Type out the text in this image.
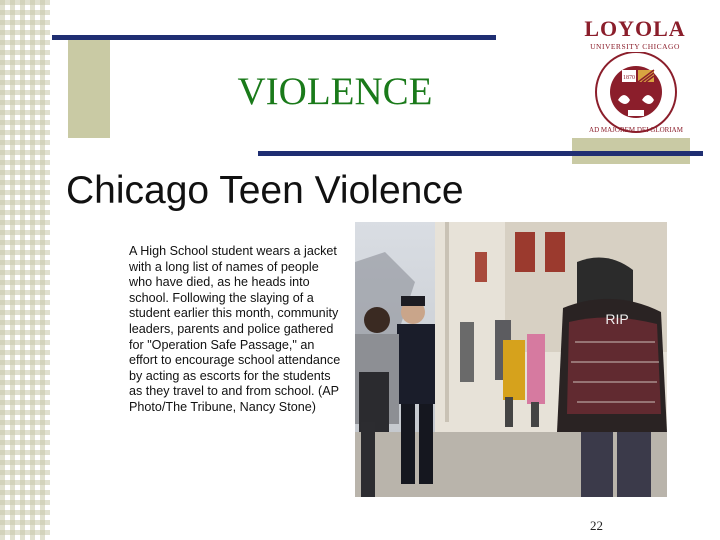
VIOLENCE
Chicago Teen Violence
LOYOLA
UNIVERSITY CHICAGO
1870
AD MAJOREM DEI GLORIAM
A High School student wears a jacket with a long list of names of people who have died, as he heads into school. Following the slaying of a student earlier this month, community leaders, parents and police gathered for "Operation Safe Passage," an effort to encourage school attendance by acting as escorts for the students as they travel to and from school. (AP Photo/The Tribune, Nancy Stone)
RIP
22
